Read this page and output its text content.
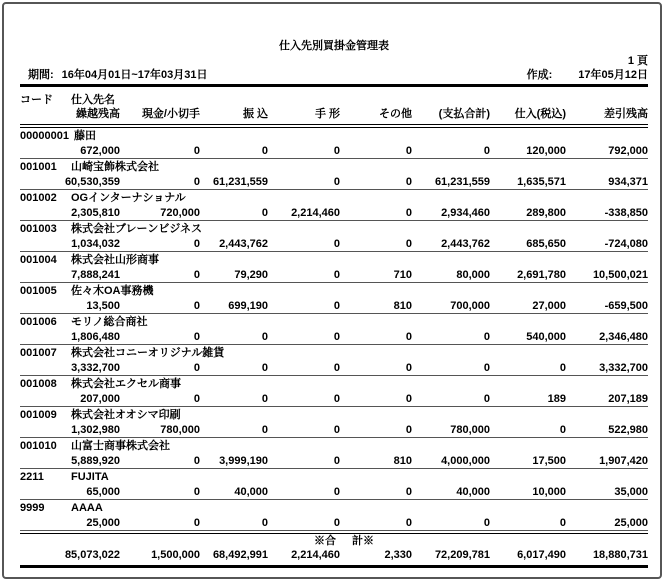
仕入先別買掛金管理表
1 頁
期間: 16年04月01日~17年03月31日	作成: 17年05月12日
コード 仕入先名
繰越残高	現金/小切手	振 込	手 形	その他	(支払合計)	仕入(税込)	差引残高
00000001 藤田
672,000	0	0	0	0	0	120,000	792,000
001001 山崎宝飾株式会社
60,530,359	0	61,231,559	0	0	61,231,559	1,635,571	934,371
001002 OGインターナショナル
2,305,810	720,000	0	2,214,460	0	2,934,460	289,800	-338,850
001003 株式会社ブレーンビジネス
1,034,032	0	2,443,762	0	0	2,443,762	685,650	-724,080
001004 株式会社山形商事
7,888,241	0	79,290	0	710	80,000	2,691,780	10,500,021
001005 佐々木OA事務機
13,500	0	699,190	0	810	700,000	27,000	-659,500
001006 モリノ総合商社
1,806,480	0	0	0	0	0	540,000	2,346,480
001007 株式会社コニーオリジナル雑貨
3,332,700	0	0	0	0	0	0	3,332,700
001008 株式会社エクセル商事
207,000	0	0	0	0	0	189	207,189
001009 株式会社オオシマ印刷
1,302,980	780,000	0	0	0	780,000	0	522,980
001010 山富士商事株式会社
5,889,920	0	3,999,190	0	810	4,000,000	17,500	1,907,420
2211 FUJITA
65,000	0	40,000	0	0	40,000	10,000	35,000
9999 AAAA
25,000	0	0	0	0	0	0	25,000
※合	計※
85,073,022	1,500,000	68,492,991	2,214,460	2,330	72,209,781	6,017,490	18,880,731
